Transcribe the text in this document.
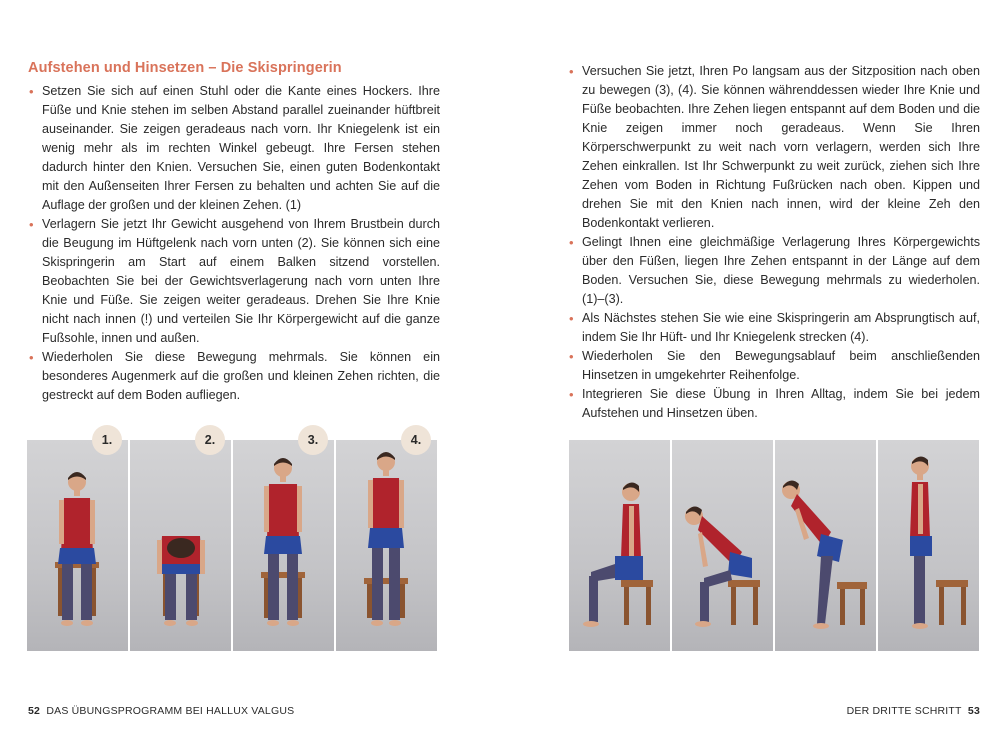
Aufstehen und Hinsetzen – Die Skispringerin
• Setzen Sie sich auf einen Stuhl oder die Kante eines Hockers. Ihre Füße und Knie stehen im selben Abstand parallel zueinander hüftbreit auseinander. Sie zeigen geradeaus nach vorn. Ihr Kniegelenk ist ein wenig mehr als im rechten Winkel gebeugt. Ihre Fersen stehen dadurch hinter den Knien. Versuchen Sie, einen guten Bodenkontakt mit den Außenseiten Ihrer Fersen zu behalten und achten Sie auf die Auflage der großen und der kleinen Zehen. (1)
• Verlagern Sie jetzt Ihr Gewicht ausgehend von Ihrem Brustbein durch die Beugung im Hüftgelenk nach vorn unten (2). Sie können sich eine Skispringerin am Start auf einem Balken sitzend vorstellen. Beobachten Sie bei der Gewichtsverlagerung nach vorn unten Ihre Knie und Füße. Sie zeigen weiter geradeaus. Drehen Sie Ihre Knie nicht nach innen (!) und verteilen Sie Ihr Körpergewicht auf die ganze Fußsohle, innen und außen.
• Wiederholen Sie diese Bewegung mehrmals. Sie können ein besonderes Augenmerk auf die großen und kleinen Zehen richten, die gestreckt auf dem Boden aufliegen.
1.	2.	3.	4.
52 DAS ÜBUNGSPROGRAMM BEI HALLUX VALGUS
• Versuchen Sie jetzt, Ihren Po langsam aus der Sitzposition nach oben zu bewegen (3), (4). Sie können währenddessen wieder Ihre Knie und Füße beobachten. Ihre Zehen liegen entspannt auf dem Boden und die Knie zeigen immer noch geradeaus. Wenn Sie Ihren Körperschwerpunkt zu weit nach vorn verlagern, werden sich Ihre Zehen einkrallen. Ist Ihr Schwerpunkt zu weit zurück, ziehen sich Ihre Zehen vom Boden in Richtung Fußrücken nach oben. Kippen und drehen Sie mit den Knien nach innen, wird der kleine Zeh den Bodenkontakt verlieren.
• Gelingt Ihnen eine gleichmäßige Verlagerung Ihres Körpergewichts über den Füßen, liegen Ihre Zehen entspannt in der Länge auf dem Boden. Versuchen Sie, diese Bewegung mehrmals zu wiederholen. (1)–(3).
• Als Nächstes stehen Sie wie eine Skispringerin am Absprungtisch auf, indem Sie Ihr Hüft- und Ihr Kniegelenk strecken (4).
• Wiederholen Sie den Bewegungsablauf beim anschließenden Hinsetzen in umgekehrter Reihenfolge.
• Integrieren Sie diese Übung in Ihren Alltag, indem Sie bei jedem Aufstehen und Hinsetzen üben.
DER DRITTE SCHRITT 53
